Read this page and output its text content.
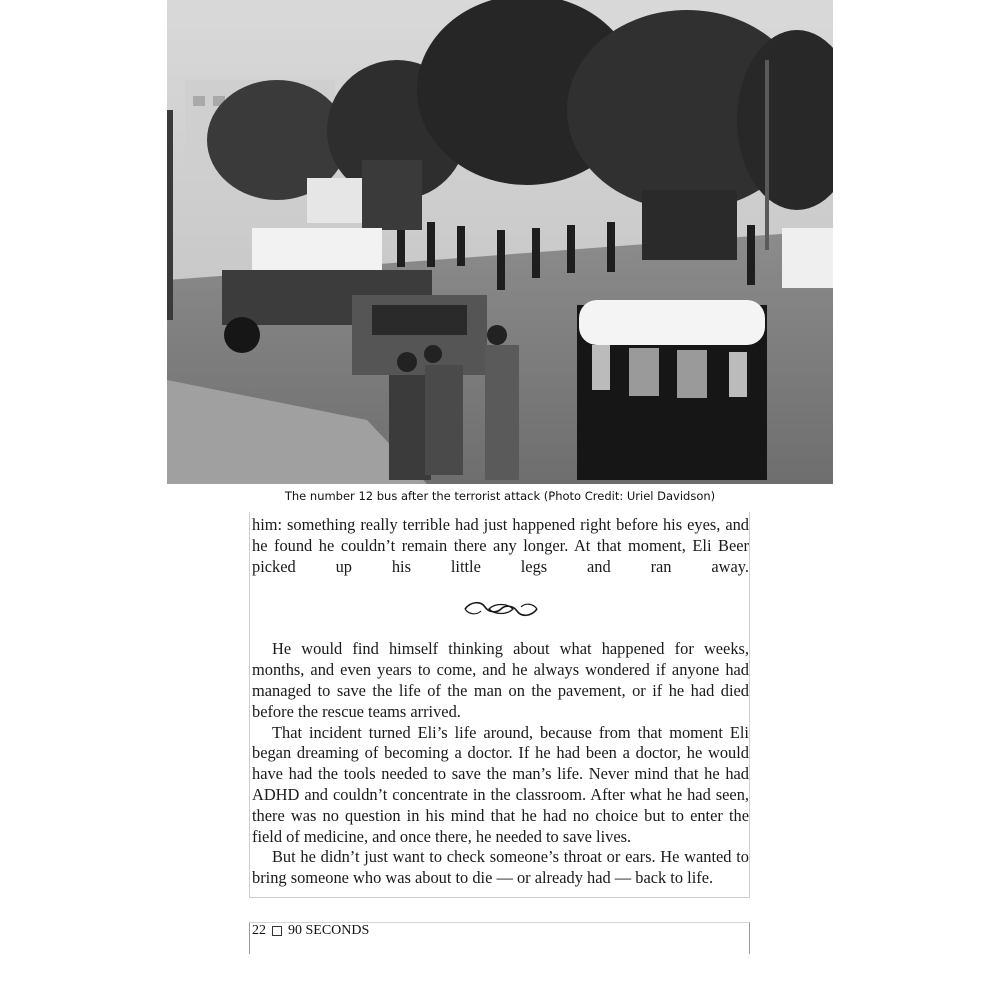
The number 12 bus after the terrorist attack (Photo Credit: Uriel Davidson)

him: something really terrible had just happened right before his eyes, and he found he couldn’t remain there any longer. At that moment, Eli Beer picked up his little legs and ran away.

He would find himself thinking about what happened for weeks, months, and even years to come, and he always wondered if anyone had managed to save the life of the man on the pavement, or if he had died before the rescue teams arrived.

That incident turned Eli’s life around, because from that moment Eli began dreaming of becoming a doctor. If he had been a doctor, he would have had the tools needed to save the man’s life. Never mind that he had ADHD and couldn’t concentrate in the classroom. After what he had seen, there was no question in his mind that he had no choice but to enter the field of medicine, and once there, he needed to save lives.

But he didn’t just want to check someone’s throat or ears. He wanted to bring someone who was about to die — or already had — back to life.

22 90 SECONDS
